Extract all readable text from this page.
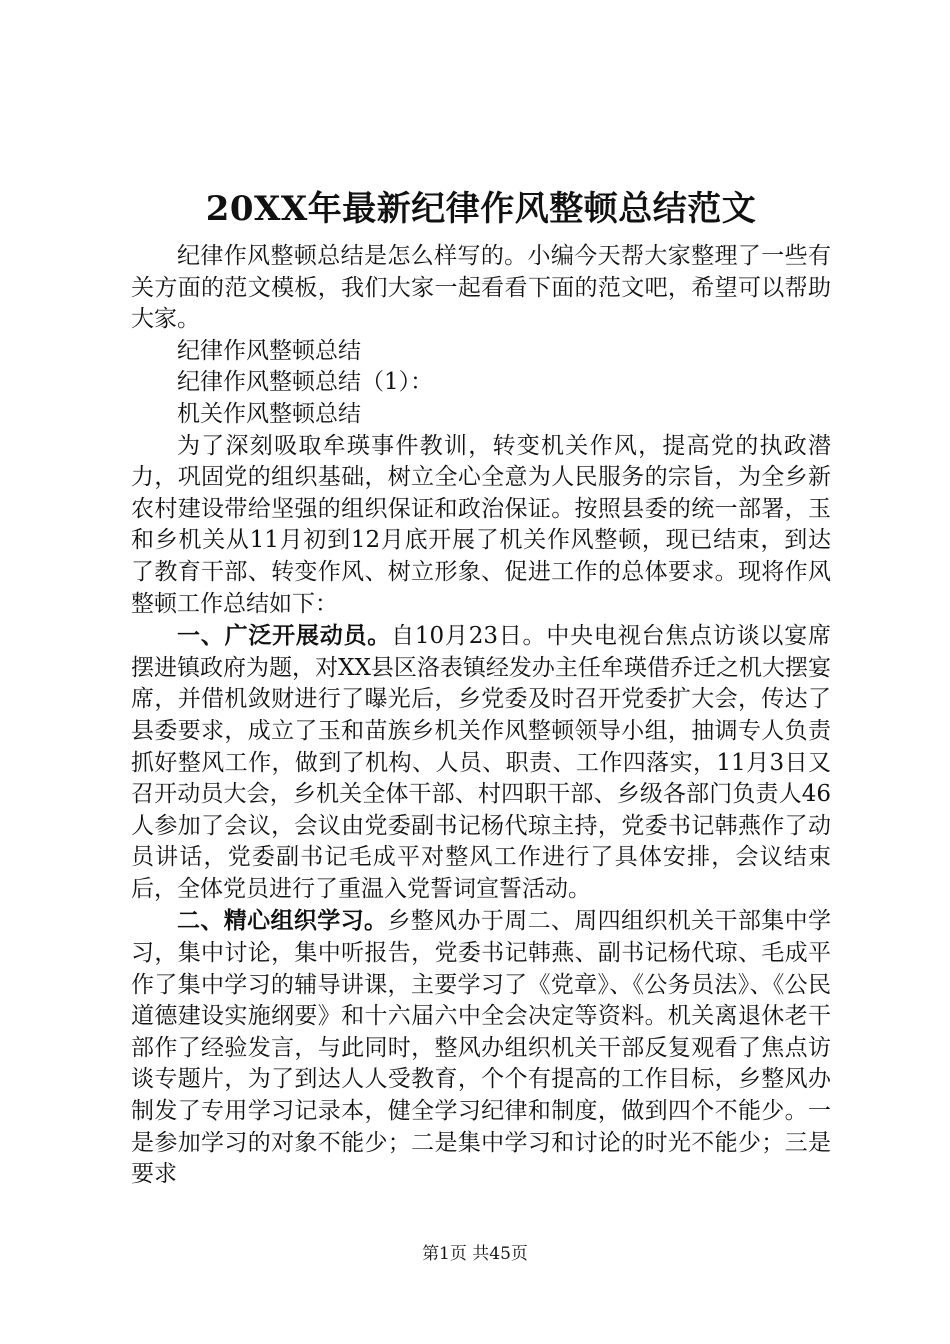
20XX年最新纪律作风整顿总结范文

纪律作风整顿总结是怎么样写的。小编今天帮大家整理了一些有关方面的范文模板，我们大家一起看看下面的范文吧，希望可以帮助大家。

纪律作风整顿总结

纪律作风整顿总结（1）：

机关作风整顿总结

为了深刻吸取牟瑛事件教训，转变机关作风，提高党的执政潜力，巩固党的组织基础，树立全心全意为人民服务的宗旨，为全乡新农村建设带给坚强的组织保证和政治保证。按照县委的统一部署，玉和乡机关从11月初到12月底开展了机关作风整顿，现已结束，到达了教育干部、转变作风、树立形象、促进工作的总体要求。现将作风整顿工作总结如下：

一、广泛开展动员。自10月23日。中央电视台焦点访谈以宴席摆进镇政府为题，对XX县区洛表镇经发办主任牟瑛借乔迁之机大摆宴席，并借机敛财进行了曝光后，乡党委及时召开党委扩大会，传达了县委要求，成立了玉和苗族乡机关作风整顿领导小组，抽调专人负责抓好整风工作，做到了机构、人员、职责、工作四落实，11月3日又召开动员大会，乡机关全体干部、村四职干部、乡级各部门负责人46人参加了会议，会议由党委副书记杨代琼主持，党委书记韩燕作了动员讲话，党委副书记毛成平对整风工作进行了具体安排，会议结束后，全体党员进行了重温入党誓词宣誓活动。

二、精心组织学习。乡整风办于周二、周四组织机关干部集中学习，集中讨论，集中听报告，党委书记韩燕、副书记杨代琼、毛成平作了集中学习的辅导讲课，主要学习了《党章》、《公务员法》、《公民道德建设实施纲要》和十六届六中全会决定等资料。机关离退休老干部作了经验发言，与此同时，整风办组织机关干部反复观看了焦点访谈专题片，为了到达人人受教育，个个有提高的工作目标，乡整风办制发了专用学习记录本，健全学习纪律和制度，做到四个不能少。一是参加学习的对象不能少；二是集中学习和讨论的时光不能少；三是要求

第1页 共45页
